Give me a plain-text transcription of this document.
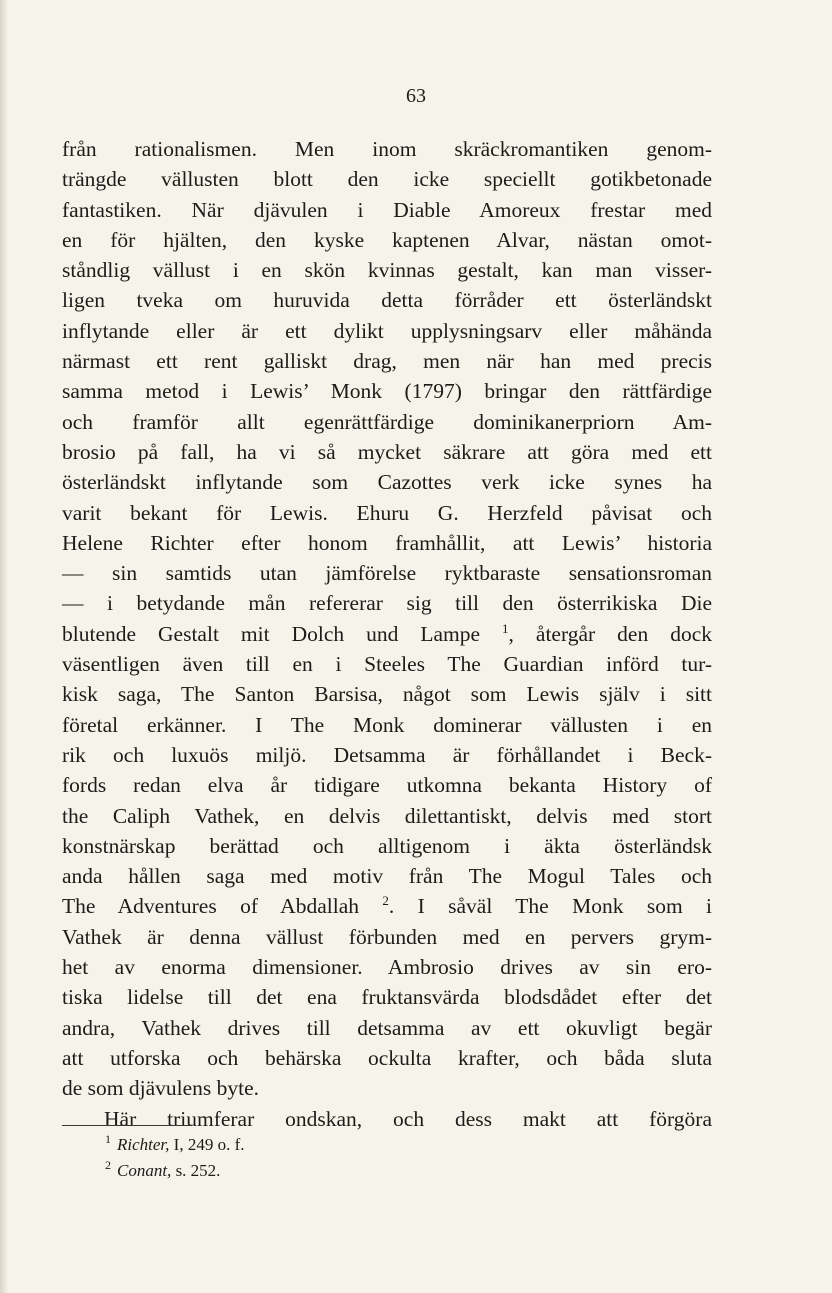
63
från rationalismen. Men inom skräckromantiken genom-
trängde vällusten blott den icke speciellt gotikbetonade
fantastiken. När djävulen i Diable Amoreux frestar med
en för hjälten, den kyske kaptenen Alvar, nästan omot-
ståndlig vällust i en skön kvinnas gestalt, kan man visser-
ligen tveka om huruvida detta förråder ett österländskt
inflytande eller är ett dylikt upplysningsarv eller måhända
närmast ett rent galliskt drag, men när han med precis
samma metod i Lewis’ Monk (1797) bringar den rättfärdige
och framför allt egenrättfärdige dominikanerpriorn Am-
brosio på fall, ha vi så mycket säkrare att göra med ett
österländskt inflytande som Cazottes verk icke synes ha
varit bekant för Lewis. Ehuru G. Herzfeld påvisat och
Helene Richter efter honom framhållit, att Lewis’ historia
— sin samtids utan jämförelse ryktbaraste sensationsroman
— i betydande mån refererar sig till den österrikiska Die
blutende Gestalt mit Dolch und Lampe $^1$, återgår den dock
väsentligen även till en i Steeles The Guardian införd tur-
kisk saga, The Santon Barsisa, något som Lewis själv i sitt
företal erkänner. I The Monk dominerar vällusten i en
rik och luxuös miljö. Detsamma är förhållandet i Beck-
fords redan elva år tidigare utkomna bekanta History of
the Caliph Vathek, en delvis dilettantiskt, delvis med stort
konstnärskap berättad och alltigenom i äkta österländsk
anda hållen saga med motiv från The Mogul Tales och
The Adventures of Abdallah $^2$. I såväl The Monk som i
Vathek är denna vällust förbunden med en pervers grym-
het av enorma dimensioner. Ambrosio drives av sin ero-
tiska lidelse till det ena fruktansvärda blodsdådet efter det
andra, Vathek drives till detsamma av ett okuvligt begär
att utforska och behärska ockulta krafter, och båda sluta
de som djävulens byte.
Här triumferar ondskan, och dess makt att förgöra
$^1$ Richter, I, 249 o. f.
$^2$ Conant, s. 252.
